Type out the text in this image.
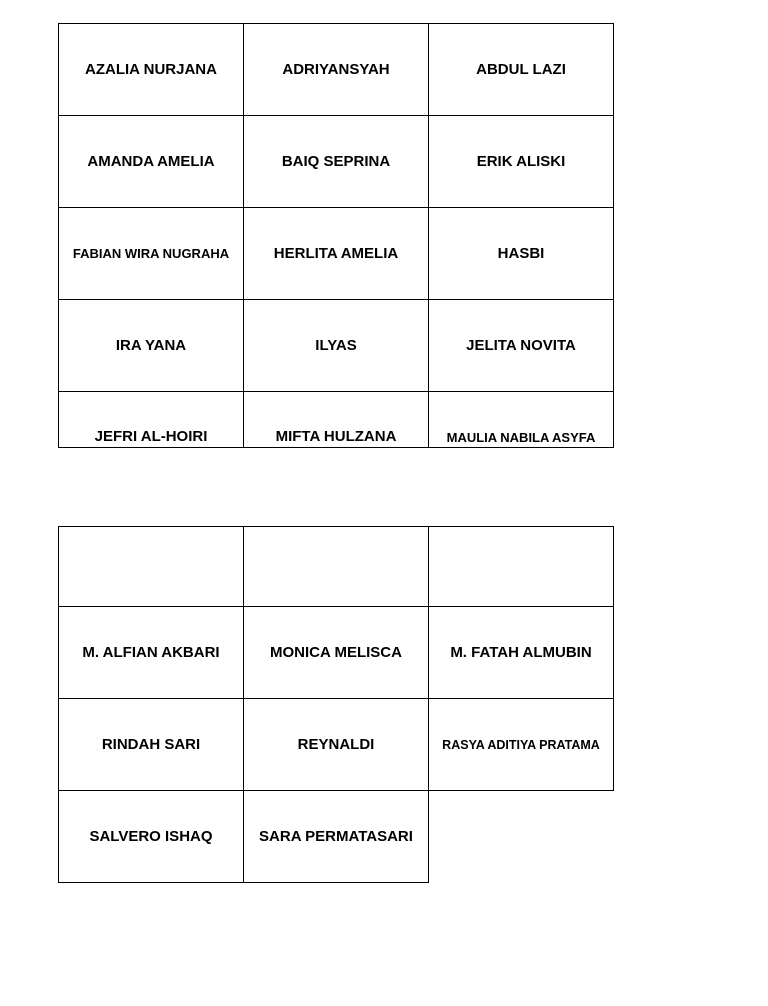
AZALIA NURJANA	ADRIYANSYAH	ABDUL LAZI
AMANDA AMELIA	BAIQ SEPRINA	ERIK ALISKI
FABIAN WIRA NUGRAHA	HERLITA AMELIA	HASBI
IRA YANA	ILYAS	JELITA NOVITA
JEFRI AL-HOIRI	MIFTA HULZANA	MAULIA NABILA ASYFA

M. ALFIAN AKBARI	MONICA MELISCA	M. FATAH ALMUBIN
RINDAH SARI	REYNALDI	RASYA ADITIYA PRATAMA
SALVERO ISHAQ	SARA PERMATASARI	
